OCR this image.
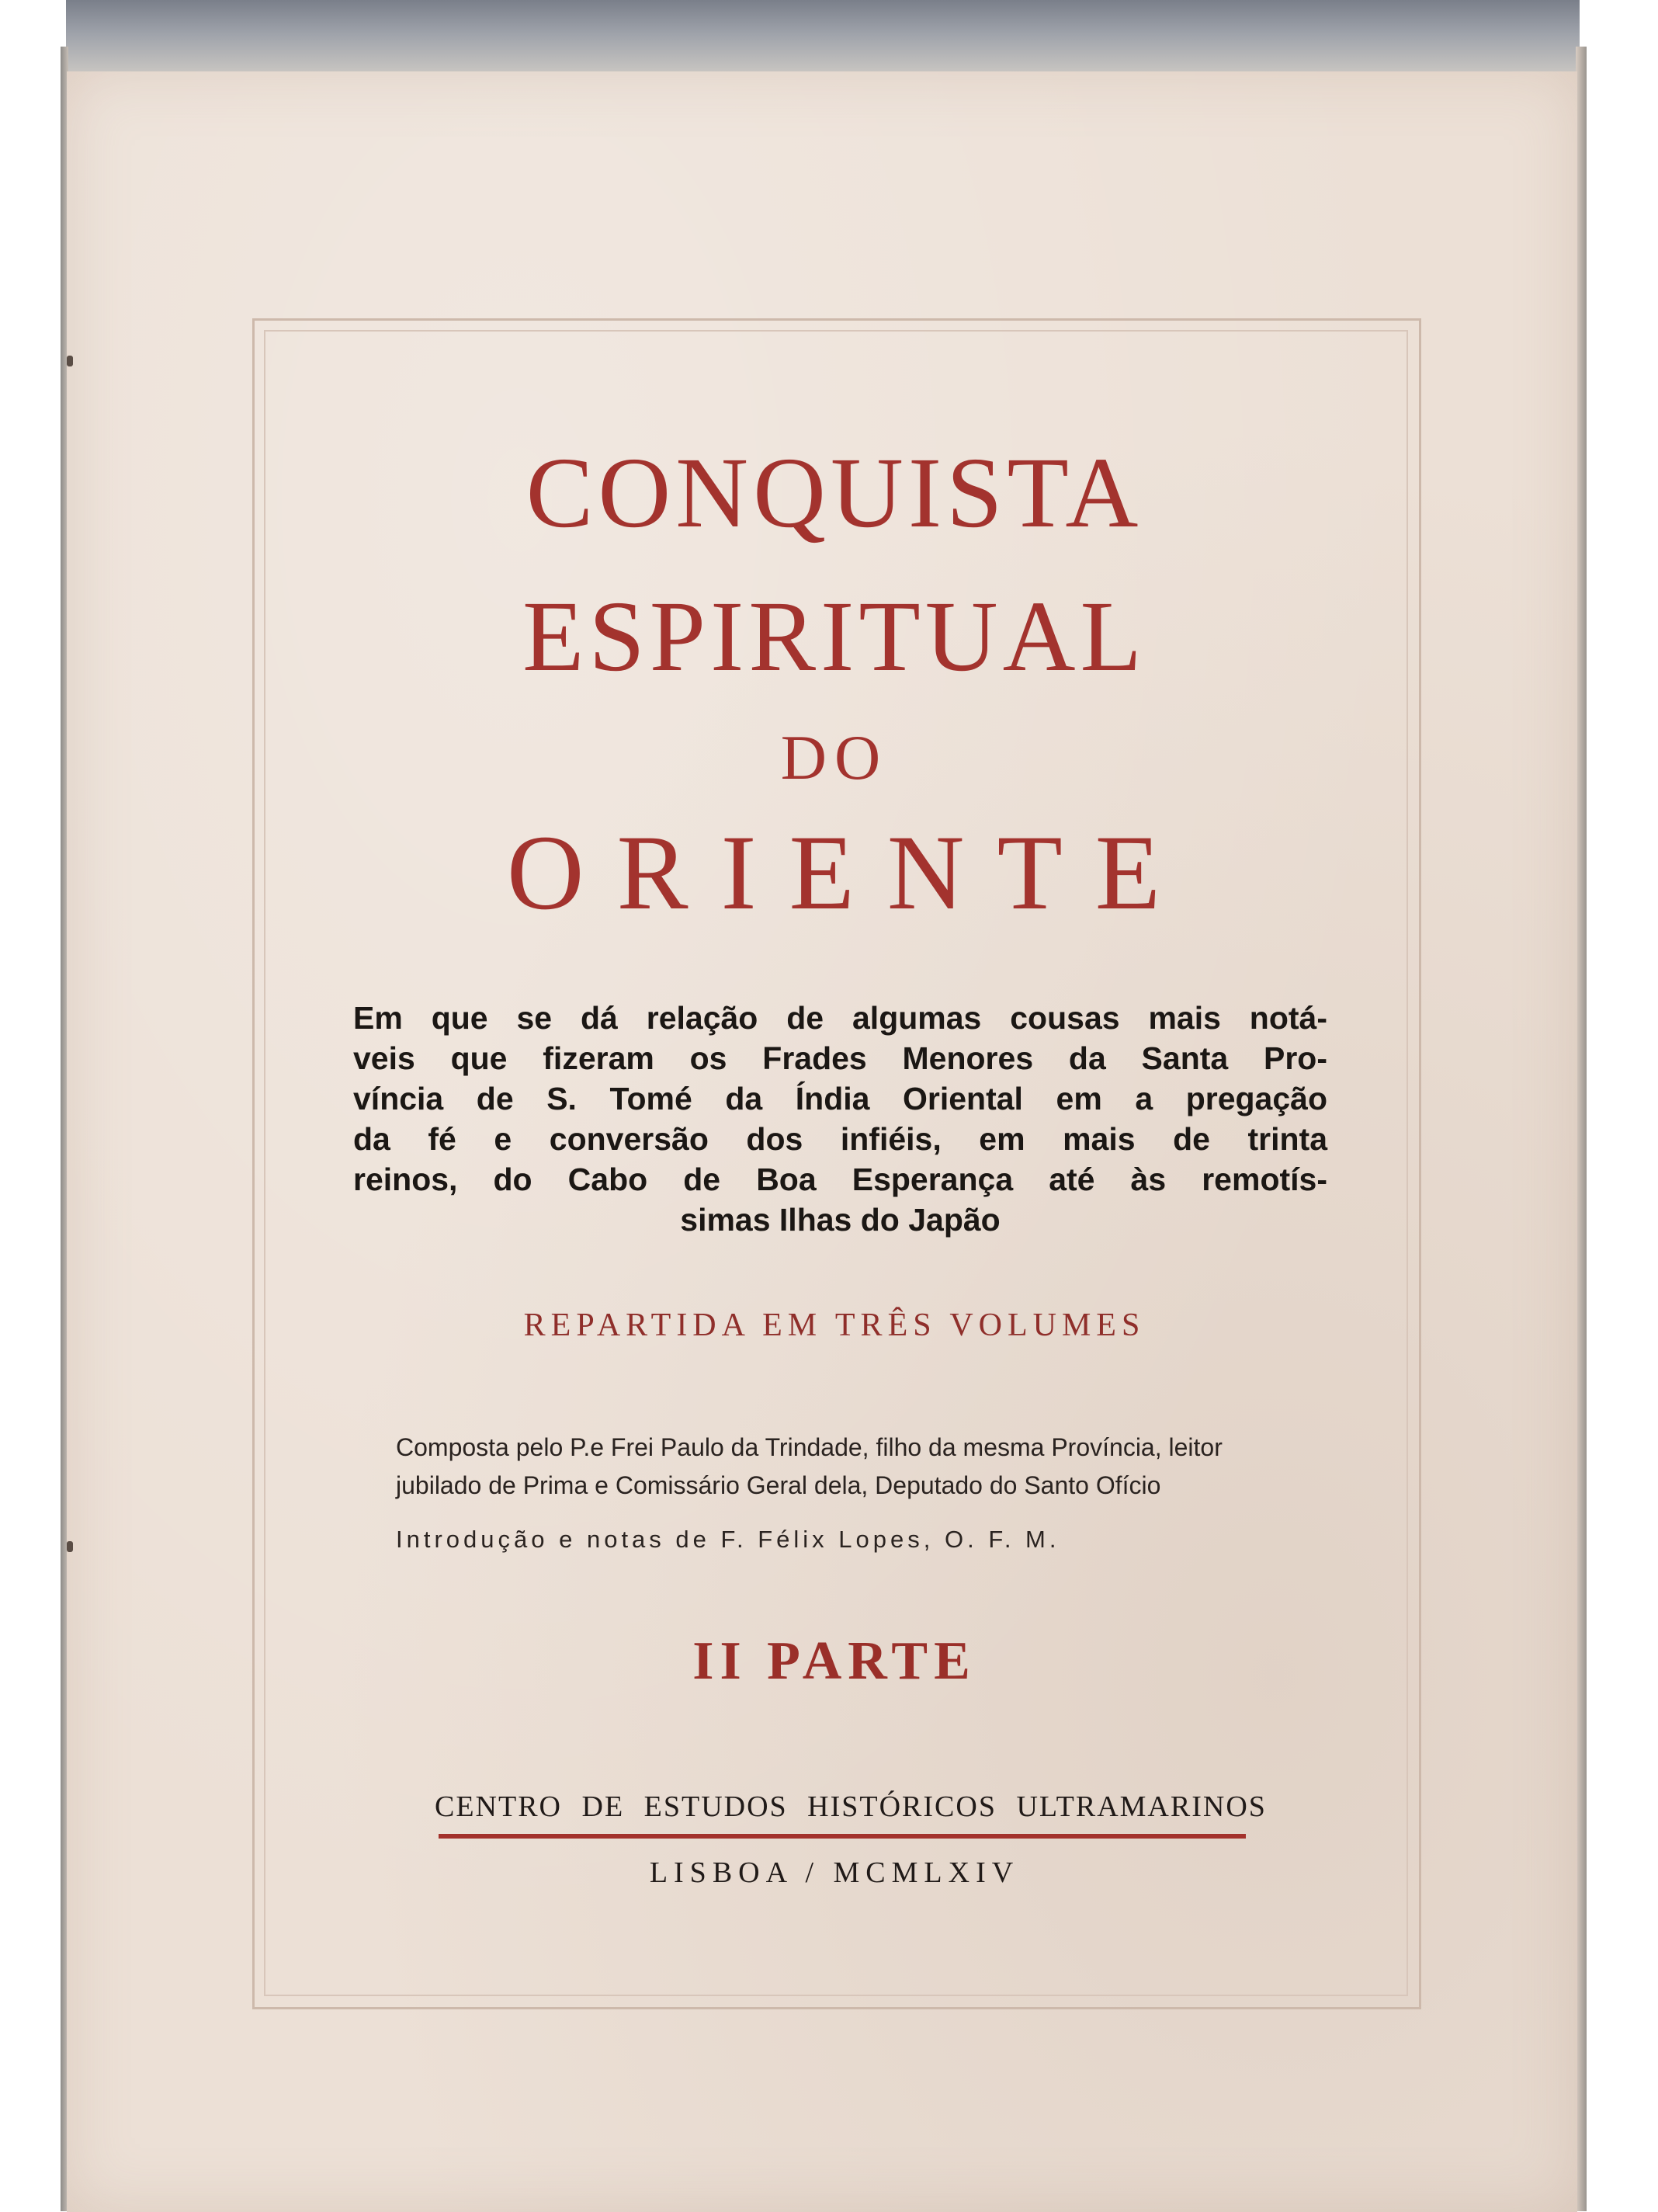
CONQUISTA
ESPIRITUAL
DO
ORIENTE
Em que se dá relação de algumas cousas mais notá-
veis que fizeram os Frades Menores da Santa Pro-
víncia de S. Tomé da Índia Oriental em a pregação
da fé e conversão dos infiéis, em mais de trinta
reinos, do Cabo de Boa Esperança até às remotís-
simas Ilhas do Japão
REPARTIDA EM TRÊS VOLUMES
Composta pelo P.e Frei Paulo da Trindade, filho da mesma Província, leitor
jubilado de Prima e Comissário Geral dela, Deputado do Santo Ofício
Introdução e notas de F. Félix Lopes, O. F. M.
II PARTE
CENTRO DE ESTUDOS HISTÓRICOS ULTRAMARINOS
LISBOA / MCMLXIV
